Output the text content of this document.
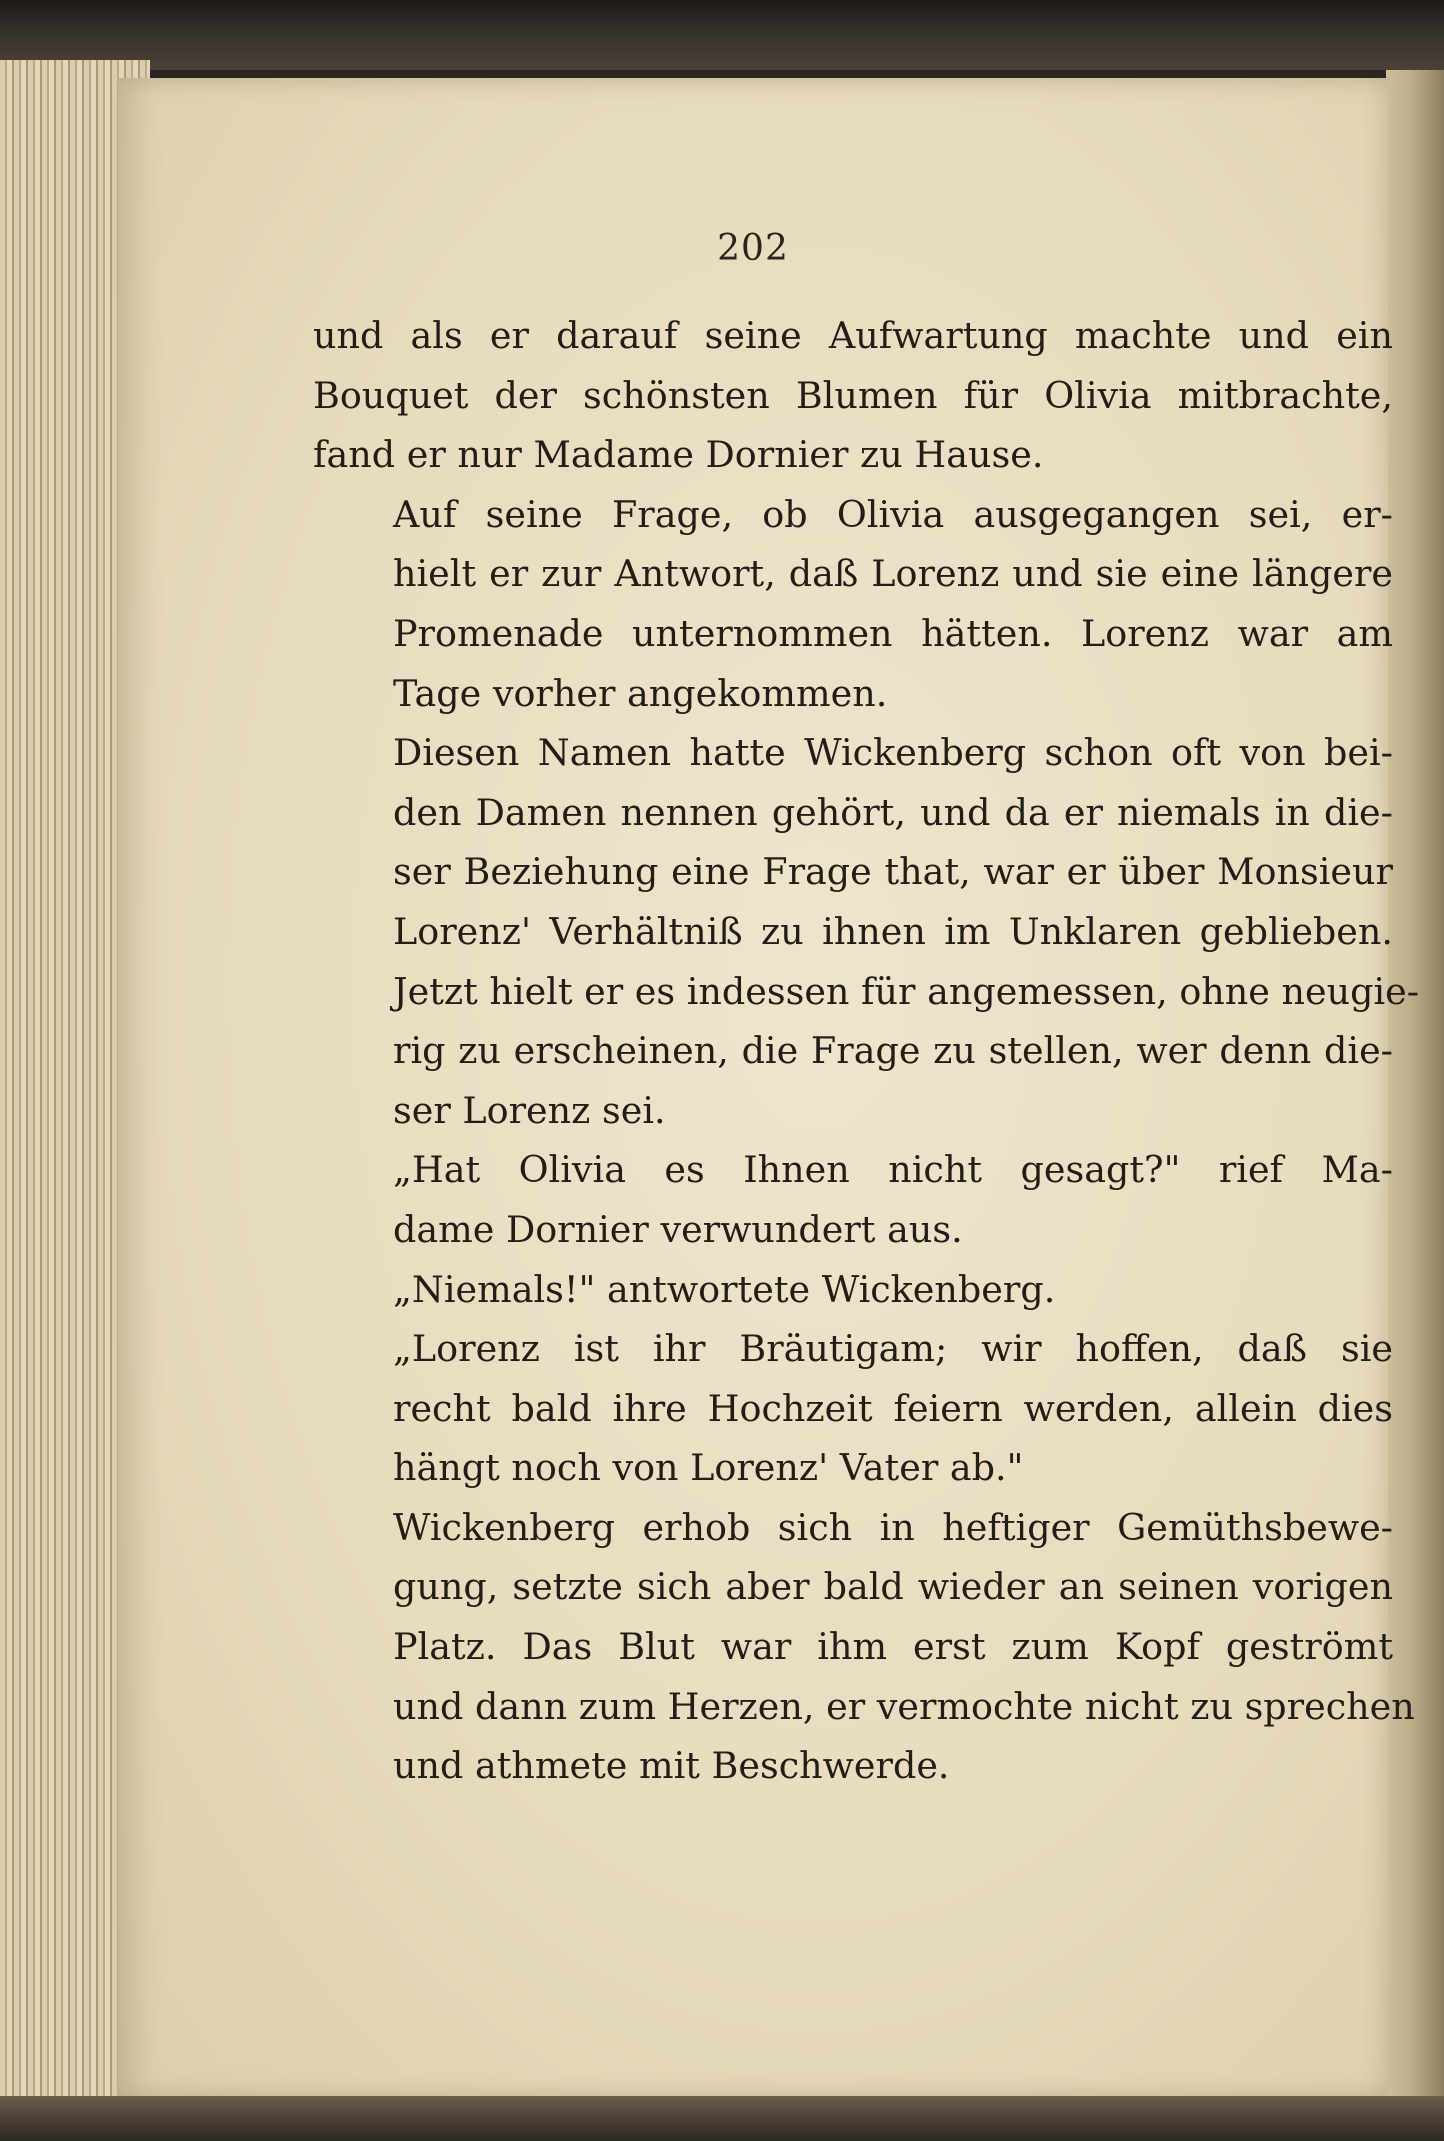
202

und als er darauf seine Aufwartung machte und ein
Bouquet der schönsten Blumen für Olivia mitbrachte,
fand er nur Madame Dornier zu Hause.

Auf seine Frage, ob Olivia ausgegangen sei, er-
hielt er zur Antwort, daß Lorenz und sie eine längere
Promenade unternommen hätten. Lorenz war am
Tage vorher angekommen.

Diesen Namen hatte Wickenberg schon oft von bei-
den Damen nennen gehört, und da er niemals in die-
ser Beziehung eine Frage that, war er über Monsieur
Lorenz' Verhältniß zu ihnen im Unklaren geblieben.
Jetzt hielt er es indessen für angemessen, ohne neugie-
rig zu erscheinen, die Frage zu stellen, wer denn die-
ser Lorenz sei.

„Hat Olivia es Ihnen nicht gesagt?" rief Ma-
dame Dornier verwundert aus.

„Niemals!" antwortete Wickenberg.

„Lorenz ist ihr Bräutigam; wir hoffen, daß sie
recht bald ihre Hochzeit feiern werden, allein dies
hängt noch von Lorenz' Vater ab."

Wickenberg erhob sich in heftiger Gemüthsbewe-
gung, setzte sich aber bald wieder an seinen vorigen
Platz. Das Blut war ihm erst zum Kopf geströmt
und dann zum Herzen, er vermochte nicht zu sprechen
und athmete mit Beschwerde.
